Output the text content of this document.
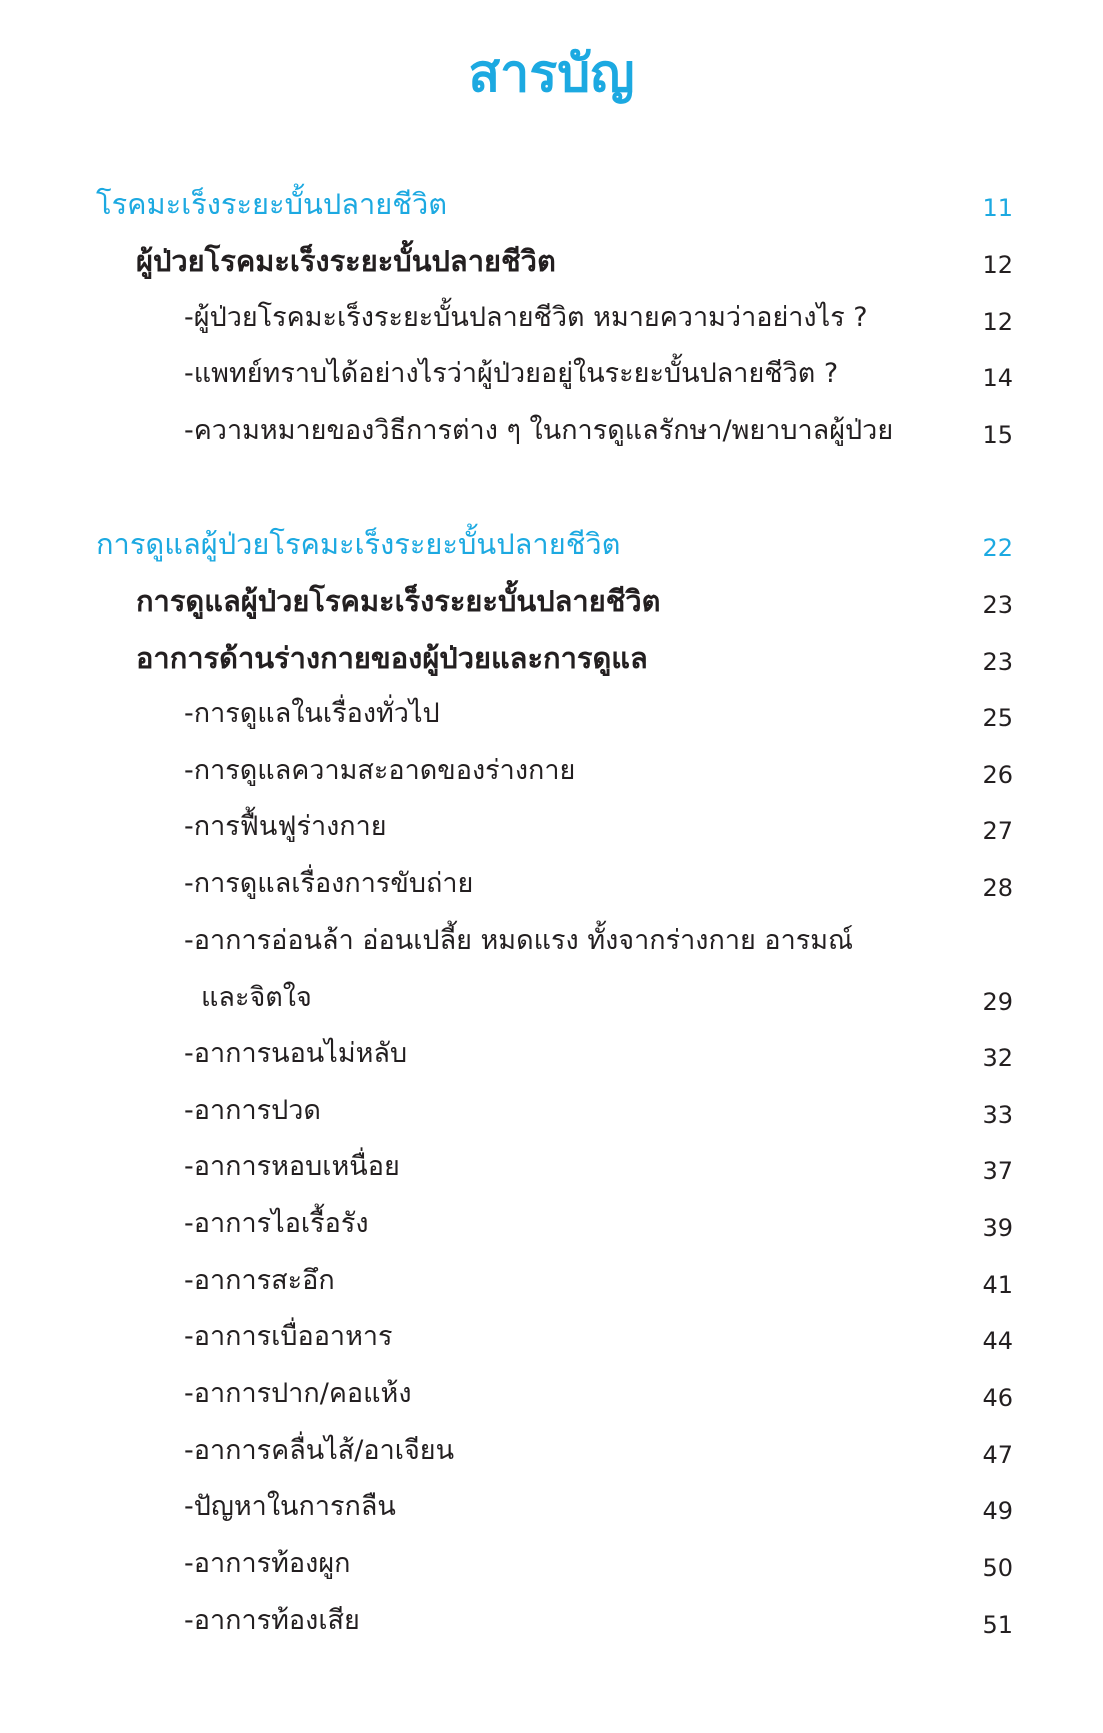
สารบัญ
โรคมะเร็งระยะบั้นปลายชีวิต	11
ผู้ป่วยโรคมะเร็งระยะบั้นปลายชีวิต	12
-ผู้ป่วยโรคมะเร็งระยะบั้นปลายชีวิต หมายความว่าอย่างไร ?	12
-แพทย์ทราบได้อย่างไรว่าผู้ป่วยอยู่ในระยะบั้นปลายชีวิต ?	14
-ความหมายของวิธีการต่าง ๆ ในการดูแลรักษา/พยาบาลผู้ป่วย	15
การดูแลผู้ป่วยโรคมะเร็งระยะบั้นปลายชีวิต	22
การดูแลผู้ป่วยโรคมะเร็งระยะบั้นปลายชีวิต	23
อาการด้านร่างกายของผู้ป่วยและการดูแล	23
-การดูแลในเรื่องทั่วไป	25
-การดูแลความสะอาดของร่างกาย	26
-การฟื้นฟูร่างกาย	27
-การดูแลเรื่องการขับถ่าย	28
-อาการอ่อนล้า อ่อนเปลี้ย หมดแรง ทั้งจากร่างกาย อารมณ์
และจิตใจ	29
-อาการนอนไม่หลับ	32
-อาการปวด	33
-อาการหอบเหนื่อย	37
-อาการไอเรื้อรัง	39
-อาการสะอึก	41
-อาการเบื่ออาหาร	44
-อาการปาก/คอแห้ง	46
-อาการคลื่นไส้/อาเจียน	47
-ปัญหาในการกลืน	49
-อาการท้องผูก	50
-อาการท้องเสีย	51
